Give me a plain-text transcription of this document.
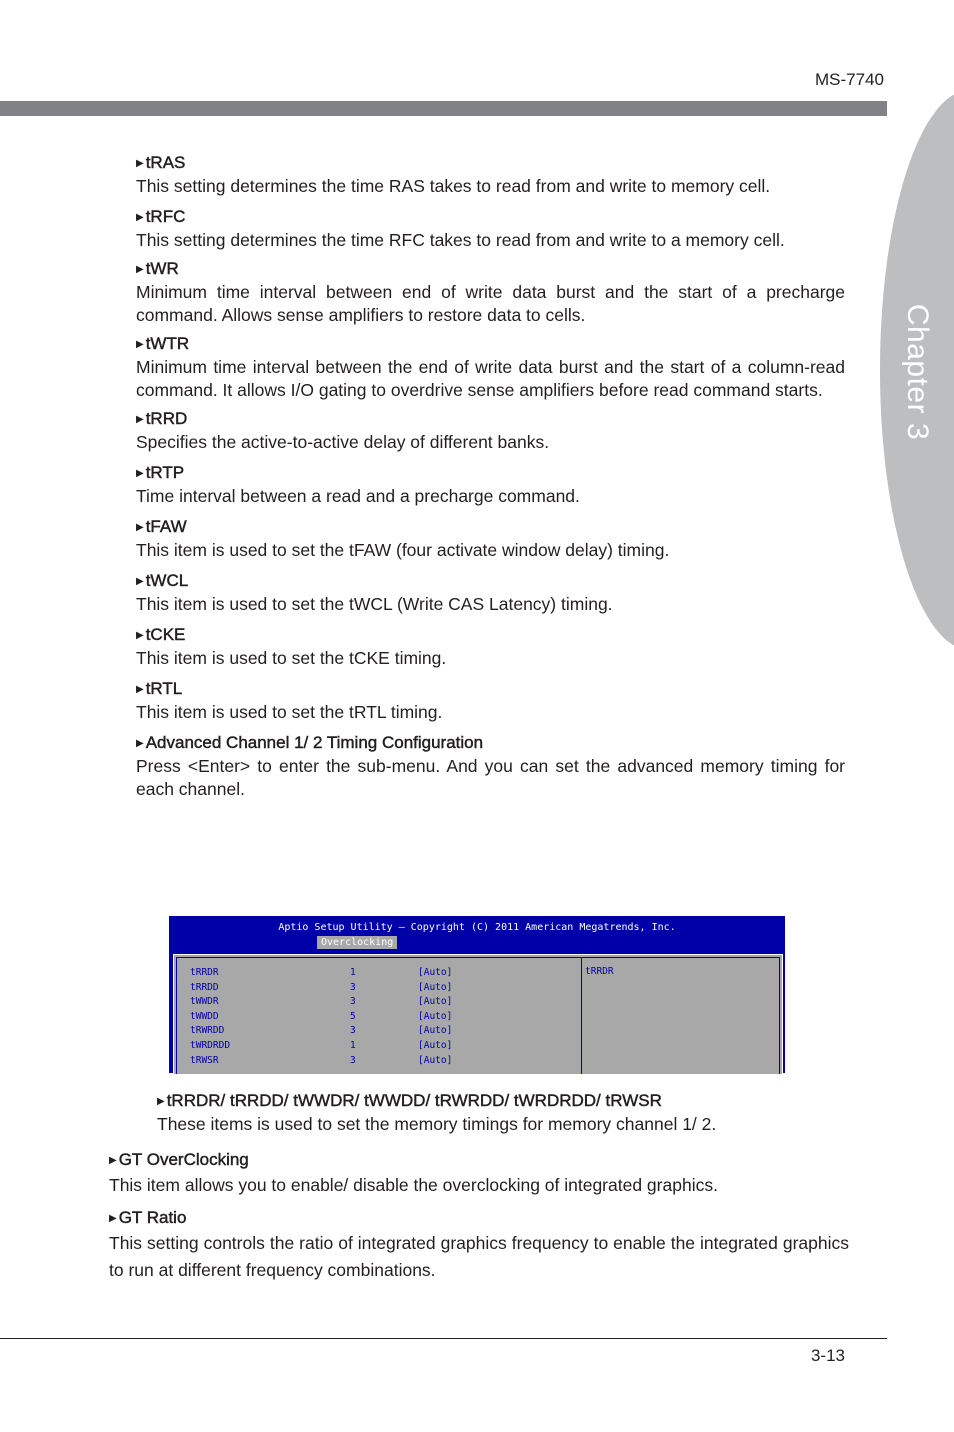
MS-7740
Chapter 3
▶ tRAS

This setting determines the time RAS takes to read from and write to memory cell.

▶ tRFC

This setting determines the time RFC takes to read from and write to a memory cell.

▶ tWR

Minimum time interval between end of write data burst and the start of a precharge command. Allows sense amplifiers to restore data to cells.

▶ tWTR

Minimum time interval between the end of write data burst and the start of a column-read command. It allows I/O gating to overdrive sense amplifiers before read command starts.

▶ tRRD

Specifies the active-to-active delay of different banks.

▶ tRTP

Time interval between a read and a precharge command.

▶ tFAW

This item is used to set the tFAW (four activate window delay) timing.

▶ tWCL

This item is used to set the tWCL (Write CAS Latency) timing.

▶ tCKE

This item is used to set the tCKE timing.

▶ tRTL

This item is used to set the tRTL timing.

▶ Advanced Channel 1/ 2 Timing Configuration

Press <Enter> to enter the sub-menu. And you can set the advanced memory timing for each channel.

Aptio Setup Utility – Copyright (C) 2011 American Megatrends, Inc.
Overclocking
tRRDR	1	[Auto]
tRRDD	3	[Auto]
tWWDR	3	[Auto]
tWWDD	5	[Auto]
tRWRDD	3	[Auto]
tWRDRDD	1	[Auto]
tRWSR	3	[Auto]
tRRDR
▶ tRRDR/ tRRDD/ tWWDR/ tWWDD/ tRWRDD/ tWRDRDD/ tRWSR

These items is used to set the memory timings for memory channel 1/ 2.

▶ GT OverClocking

This item allows you to enable/ disable the overclocking of integrated graphics.

▶ GT Ratio

This setting controls the ratio of integrated graphics frequency to enable the integrated graphics to run at different frequency combinations.

3-13
